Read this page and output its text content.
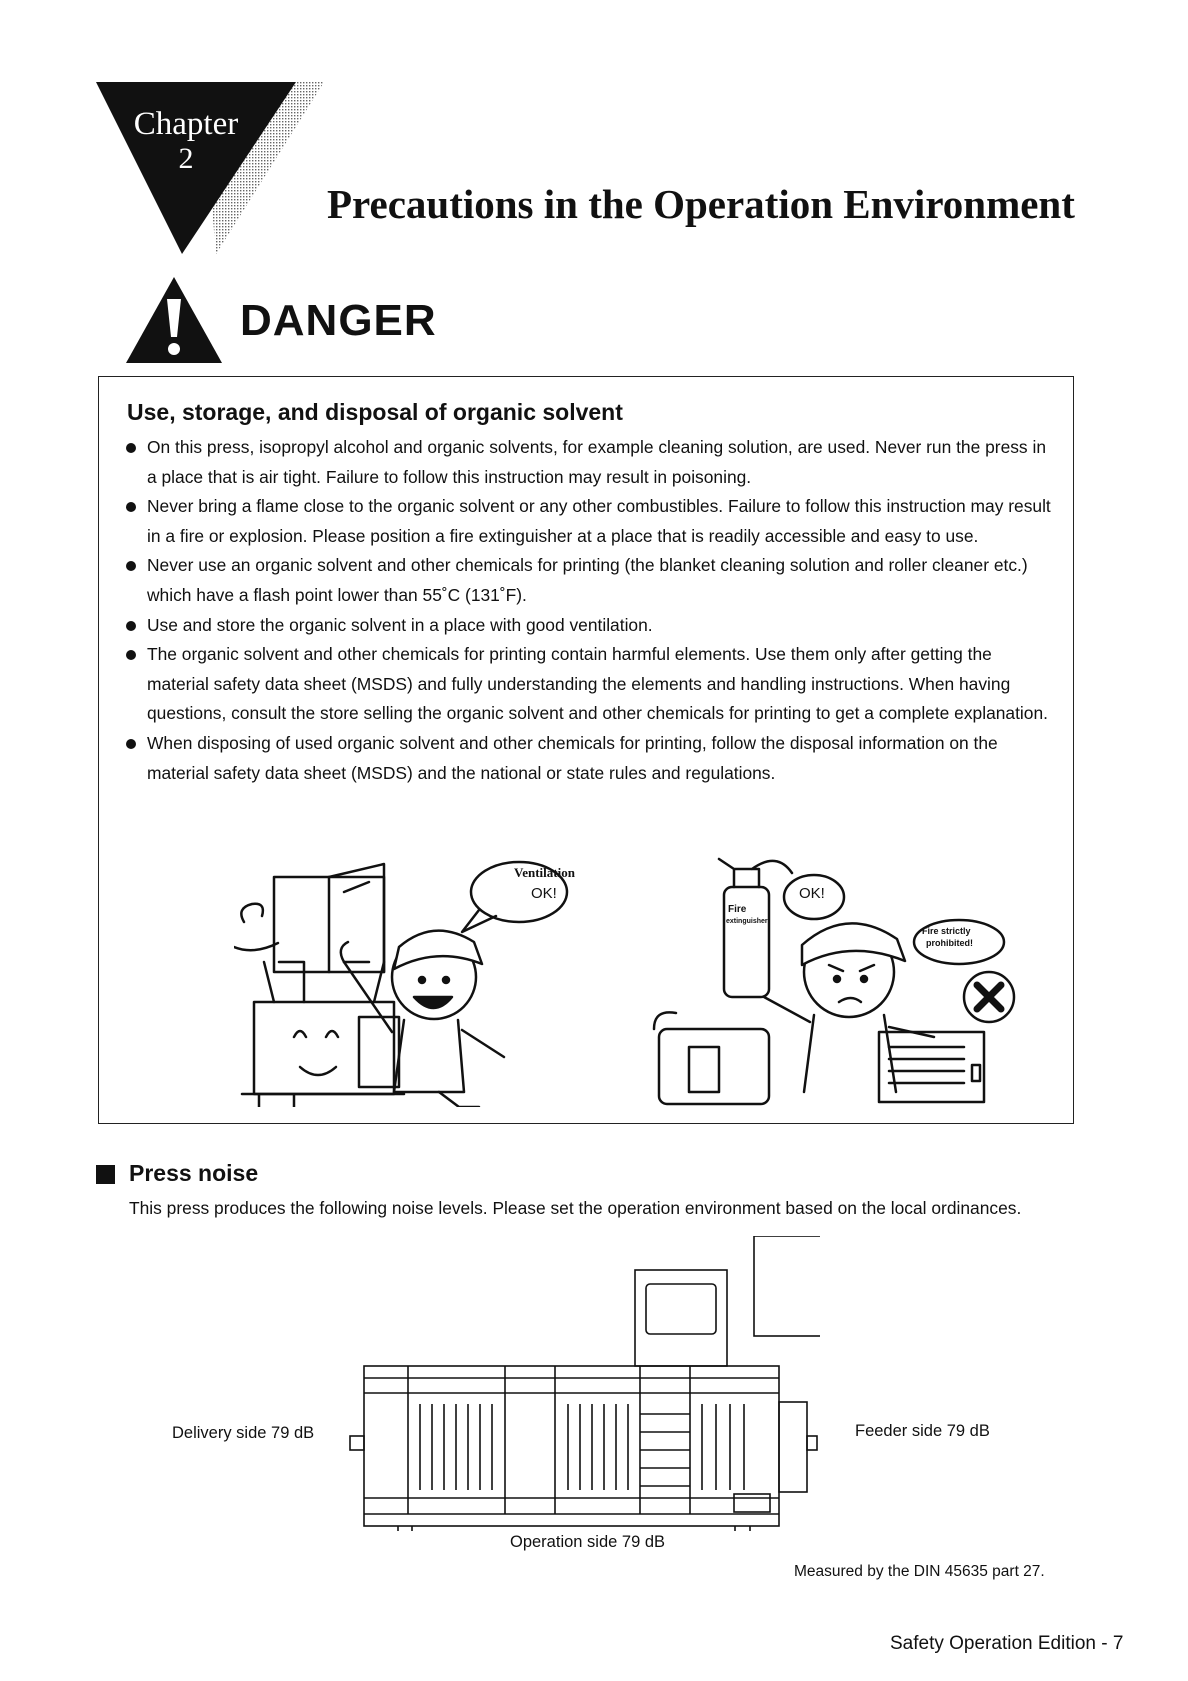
Chapter
2
Precautions in the Operation Environment
DANGER
Use, storage, and disposal of organic solvent
On this press, isopropyl alcohol and organic solvents, for example cleaning solution, are used. Never run the press in a place that is air tight. Failure to follow this instruction may result in poisoning.
Never bring a flame close to the organic solvent or any other combustibles. Failure to follow this instruction may result in a fire or explosion. Please position a fire extinguisher at a place that is readily accessible and easy to use.
Never use an organic solvent and other chemicals for printing (the blanket cleaning solution and roller cleaner etc.) which have a flash point lower than 55˚C (131˚F).
Use and store the organic solvent in a place with good ventilation.
The organic solvent and other chemicals for printing contain harmful elements. Use them only after getting the material safety data sheet (MSDS) and fully understanding the elements and handling instructions. When having questions, consult the store selling the organic solvent and other chemicals for printing to get a complete explanation.
When disposing of used organic solvent and other chemicals for printing, follow the disposal information on the material safety data sheet (MSDS) and the national or state rules and regulations.
Ventilation
OK!	OK!
Fire
extinguisher
Fire strictly
prohibited!
Press noise

This press produces the following noise levels. Please set the operation environment based on the local ordinances.

Delivery side 79 dB	Feeder side 79 dB
Operation side 79 dB
Measured by the DIN 45635 part 27.
Safety Operation Edition - 7
